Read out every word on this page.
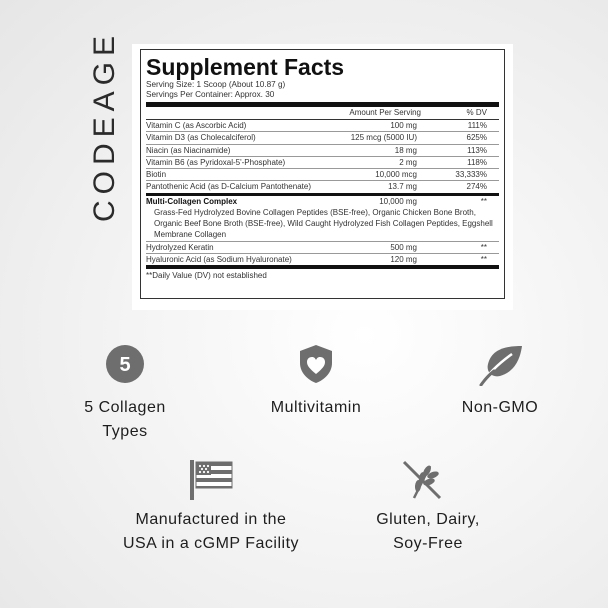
CODEAGE Supplement Facts
Serving Size: 1 Scoop (About 10.87 g)
Servings Per Container: Approx. 30
Amount Per Serving	% DV
Vitamin C (as Ascorbic Acid)	100 mg	111%
Vitamin D3 (as Cholecalciferol)	125 mcg (5000 IU)	625%
Niacin (as Niacinamide)	18 mg	113%
Vitamin B6 (as Pyridoxal-5'-Phosphate)	2 mg	118%
Biotin	10,000 mcg	33,333%
Pantothenic Acid (as D-Calcium Pantothenate)	13.7 mg	274%
Multi-Collagen Complex	10,000 mg	**
Grass-Fed Hydrolyzed Bovine Collagen Peptides (BSE-free), Organic Chicken Bone Broth, Organic Beef Bone Broth (BSE-free), Wild Caught Hydrolyzed Fish Collagen Peptides, Eggshell Membrane Collagen
Hydrolyzed Keratin	500 mg	**
Hyaluronic Acid (as Sodium Hyaluronate)	120 mg	**
**Daily Value (DV) not established
5
5 Collagen
Types
Multivitamin	Non-GMO
Manufactured in the
USA in a cGMP Facility
Gluten, Dairy,
Soy-Free
